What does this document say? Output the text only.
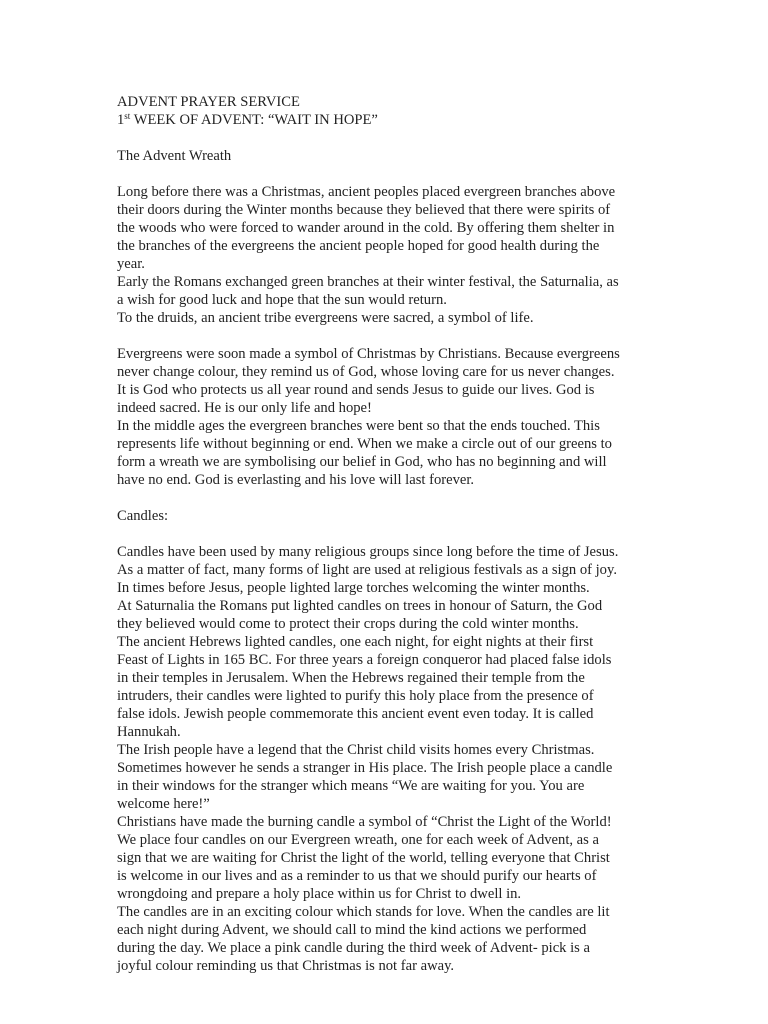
ADVENT PRAYER SERVICE
1st WEEK OF ADVENT: “WAIT IN HOPE”
The Advent Wreath
Long before there was a Christmas, ancient peoples placed evergreen branches above
their doors during the Winter months because they believed that there were spirits of
the woods who were forced to wander around in the cold. By offering them shelter in
the branches of the evergreens the ancient people hoped for good health during the
year.
Early the Romans exchanged green branches at their winter festival, the Saturnalia, as
a wish for good luck and hope that the sun would return.
To the druids, an ancient tribe evergreens were sacred, a symbol of life.
Evergreens were soon made a symbol of Christmas by Christians. Because evergreens
never change colour, they remind us of God, whose loving care for us never changes.
It is God who protects us all year round and sends Jesus to guide our lives. God is
indeed sacred. He is our only life and hope!
In the middle ages the evergreen branches were bent so that the ends touched. This
represents life without beginning or end. When we make a circle out of our greens to
form a wreath we are symbolising our belief in God, who has no beginning and will
have no end. God is everlasting and his love will last forever.
Candles:
Candles have been used by many religious groups since long before the time of Jesus.
As a matter of fact, many forms of light are used at religious festivals as a sign of joy.
In times before Jesus, people lighted large torches welcoming the winter months.
At Saturnalia the Romans put lighted candles on trees in honour of Saturn, the God
they believed would come to protect their crops during the cold winter months.
The ancient Hebrews lighted candles, one each night, for eight nights at their first
Feast of Lights in 165 BC. For three years a foreign conqueror had placed false idols
in their temples in Jerusalem. When the Hebrews regained their temple from the
intruders, their candles were lighted to purify this holy place from the presence of
false idols. Jewish people commemorate this ancient event even today. It is called
Hannukah.
The Irish people have a legend that the Christ child visits homes every Christmas.
Sometimes however he sends a stranger in His place. The Irish people place a candle
in their windows for the stranger which means “We are waiting for you. You are
welcome here!”
Christians have made the burning candle a symbol of “Christ the Light of the World!
We place four candles on our Evergreen wreath, one for each week of Advent, as a
sign that we are waiting for Christ the light of the world, telling everyone that Christ
is welcome in our lives and as a reminder to us that we should purify our hearts of
wrongdoing and prepare a holy place within us for Christ to dwell in.
The candles are in an exciting colour which stands for love. When the candles are lit
each night during Advent, we should call to mind the kind actions we performed
during the day. We place a pink candle during the third week of Advent- pick is a
joyful colour reminding us that Christmas is not far away.
